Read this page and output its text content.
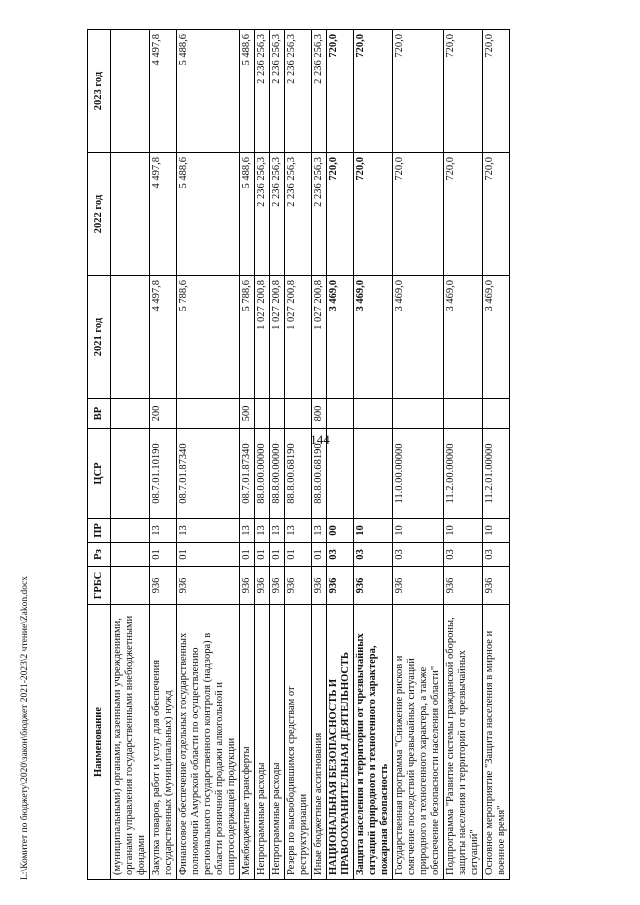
144
Наименование	ГРБС	Рз	ПР	ЦСР	ВР	2021 год	2022 год	2023 год
(муниципальными) органами, казенными учреждениями, органами управления государственными внебюджетными фондами								
Закупка товаров, работ и услуг для обеспечения государственных (муниципальных) нужд	936	01	13	08.7.01.10190	200	4 497,8	4 497,8	4 497,8
Финансовое обеспечение отдельных государственных полномочий Амурской области по осуществлению регионального государственного контроля (надзора) в области розничной продажи алкогольной и спиртосодержащей продукции	936	01	13	08.7.01.87340		5 788,6	5 488,6	5 488,6
Межбюджетные трансферты	936	01	13	08.7.01.87340	500	5 788,6	5 488,6	5 488,6
Непрограммные расходы	936	01	13	88.0.00.00000		1 027 200,8	2 236 256,3	2 236 256,3
Непрограммные расходы	936	01	13	88.8.00.00000		1 027 200,8	2 236 256,3	2 236 256,3
Резерв по высвободившимся средствам от реструктуризации	936	01	13	88.8.00.68190		1 027 200,8	2 236 256,3	2 236 256,3
Иные бюджетные ассигнования	936	01	13	88.8.00.68190	800	1 027 200,8	2 236 256,3	2 236 256,3
НАЦИОНАЛЬНАЯ БЕЗОПАСНОСТЬ И ПРАВООХРАНИТЕЛЬНАЯ ДЕЯТЕЛЬНОСТЬ	936	03	00			3 469,0	720,0	720,0
Защита населения и территории от чрезвычайных ситуаций природного и техногенного характера, пожарная безопасность	936	03	10			3 469,0	720,0	720,0
Государственная программа "Снижение рисков и смягчение последствий чрезвычайных ситуаций природного и техногенного характера, а также обеспечение безопасности населения области"	936	03	10	11.0.00.00000		3 469,0	720,0	720,0
Подпрограмма "Развитие системы гражданской обороны, защиты населения и территорий от чрезвычайных ситуаций"	936	03	10	11.2.00.00000		3 469,0	720,0	720,0
Основное мероприятие "Защита населения в мирное и военное время"	936	03	10	11.2.01.00000		3 469,0	720,0	720,0
L:\Комитет по бюджету\2020\закон\бюджет 2021-2023\2 чтение\Zakon.docx
